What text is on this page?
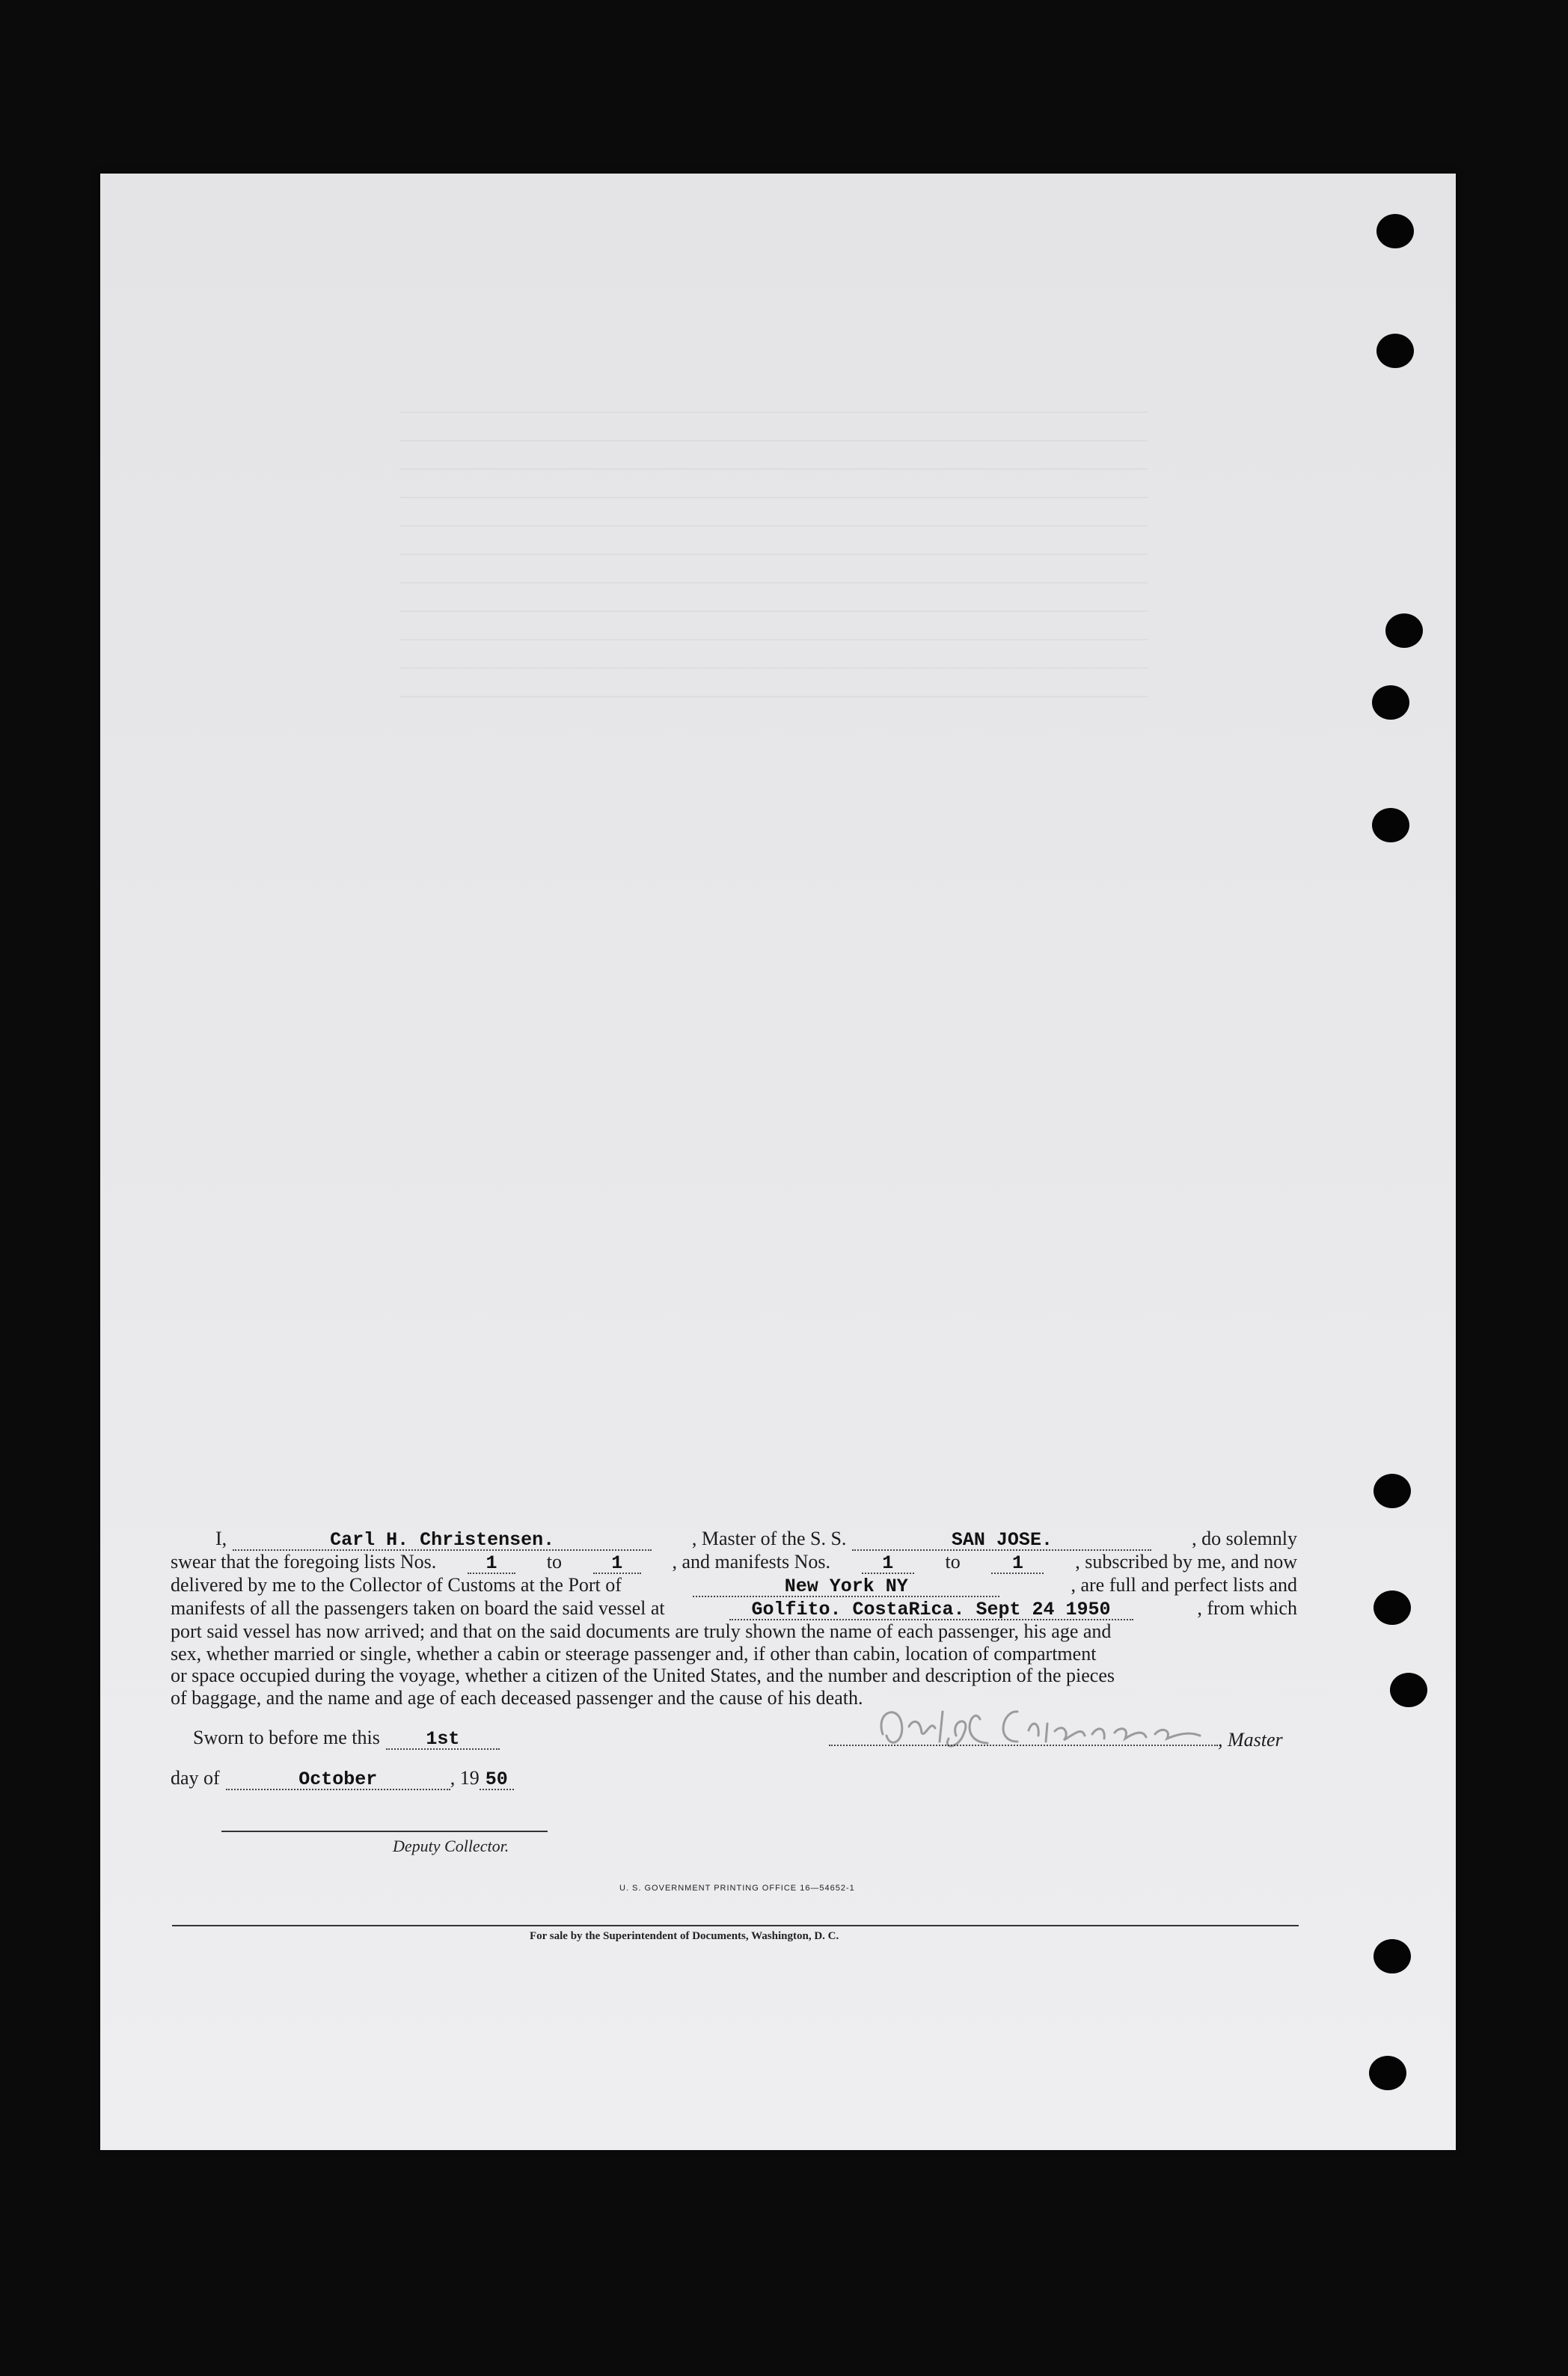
I,	Carl H. Christensen.	, Master of the S. S.	SAN JOSE.	, do solemnly
swear that the foregoing lists Nos.	1	to	1	, and manifests Nos.	1	to	1	, subscribed by me, and now
delivered by me to the Collector of Customs at the Port of	New York NY	, are full and perfect lists and
manifests of all the passengers taken on board the said vessel at	Golfito. CostaRica. Sept 24 1950	, from which
port said vessel has now arrived; and that on the said documents are truly shown the name of each passenger, his age and
sex, whether married or single, whether a cabin or steerage passenger and, if other than cabin, location of compartment
or space occupied during the voyage, whether a citizen of the United States, and the number and description of the pieces
of baggage, and the name and age of each deceased passenger and the cause of his death.
Sworn to before me this 1st
day of	October	, 19 50
, Master
Deputy Collector.
U. S. GOVERNMENT PRINTING OFFICE 16—54652-1
For sale by the Superintendent of Documents, Washington, D. C.
